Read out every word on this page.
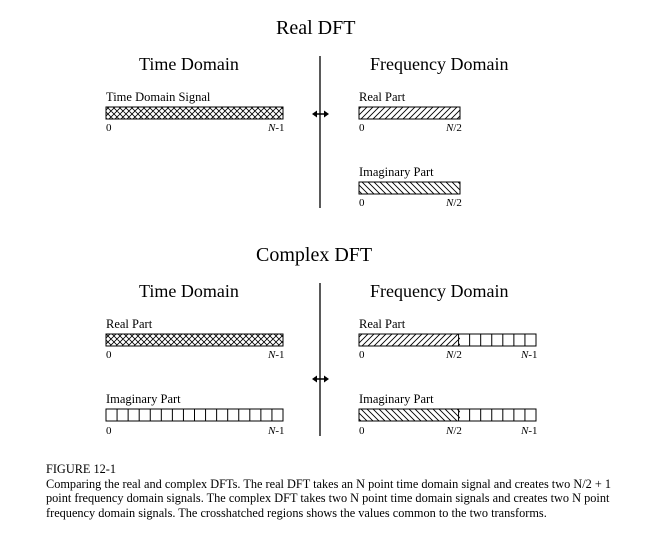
Real DFT
Time Domain	Frequency Domain
Time Domain Signal	Real Part
Imaginary Part
0	N-1	0	N/2
0	N/2
Complex DFT
Time Domain	Frequency Domain
Real Part
Imaginary Part
Real Part
Imaginary Part
0	N-1
0	N-1
0	N/2	N-1
0	N/2	N-1

FIGURE 12-1

Comparing the real and complex DFTs. The real DFT takes an N point time domain signal and creates two N/2 + 1 point frequency domain signals. The complex DFT takes two N point time domain signals and creates two N point frequency domain signals. The crosshatched regions shows the values common to the two transforms.
